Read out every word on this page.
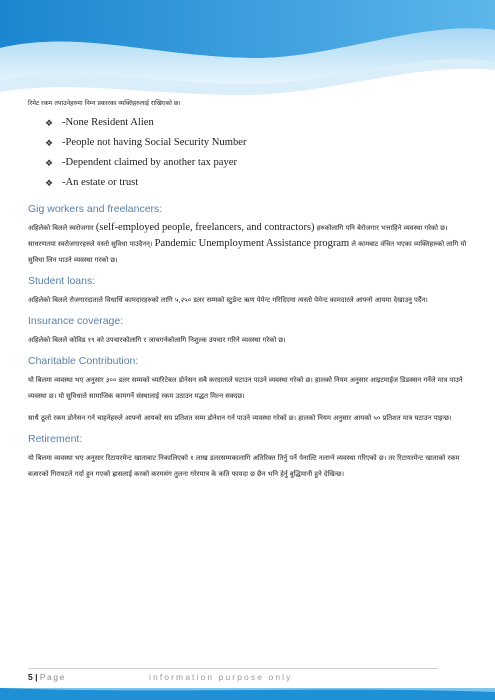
रिमेट रकम तपाउनेहरुमा निम्न प्रकारका व्यक्तिहरुलाई राखिएको छ।

❖ -None Resident Alien
❖ -People not having Social Security Number
❖ -Dependent claimed by another tax payer
❖ -An estate or trust
Gig workers and freelancers:

अहिलेको बिलले स्वरोजगार (self-employed people, freelancers, and contractors) हरुकोलागि पनि बेरोजगार भत्ताहिने व्यवस्था गरेको छ। साधरणतया स्वरोजगारहरुले यस्तो सुविधा पाउदैनन्। Pandemic Unemployment Assistance program ले कामबाट वंचित भएका व्यक्तिहरुको लागि यो सुविधा लिन पाउने व्यवस्था गरको छ।

Student loans:

अहिलेको बिलले रोजगारदाताले विधार्थि कामदारहरुको लागि ५,२५० डलर सम्मको स्टुडेन्ट ऋण पेमेन्ट गरिदिएमा त्यस्तो पेमेन्ट कामदारले आफ्नो आयमा देखाउनु पर्दैन।

Insurance coverage:

अहिलेको बिलले कोविड १९ को उपचारकोलागि र जाचगर्नकोलागि निशुल्क उपचार गरिने व्यवस्था गरेको छ।

Charitable Contribution:

यो बिलमा व्यवस्था भए अनुसार ३०० डलर सम्मको च्यारिटेबल डोनेसन सबै करदाताले घटाउन पाउने व्यवस्था गरेको छ। हालको नियम अनुसार आइटमाईज डिडक्सन गर्नेले मात्र पाउने व्यवस्था छ। यो सुविधाले सामाजिक कामगर्ने संस्थालाई रकम उठाउन मद्धत मिल्न सक्दछ।

साथै ठूलो रकम डोनेसन गर्न चाहनेहरुले आफ्नो आयको सय प्रतिशत सम्म डोनेशन गर्न पाउने व्यवस्था गरेको छ। हालको नियम अनुसार आयको ५० प्रतिशत मात्र घटाउन पाइन्छ।

Retirement:

यो बिलमा व्यवस्था भए अनुसार रिटायरमेन्ट खाताबाट निकालिएको १ लाख डलरसम्मकालागि अतिरिक्त तिर्नु पर्ने पेनाल्टि नलाग्ने व्यवस्था गरिएको छ। तर रिटायरमेन्ट खाताको रकम बजारको गिरावटले गर्दा हुन गएको ह्रासलाई करको करमसंग तुलना गरेरमात्र के कति फायदा छ छैन भनि हेर्नु बुद्धिमानी हुने देखिन्छ।

5 | Page	information purpose only
